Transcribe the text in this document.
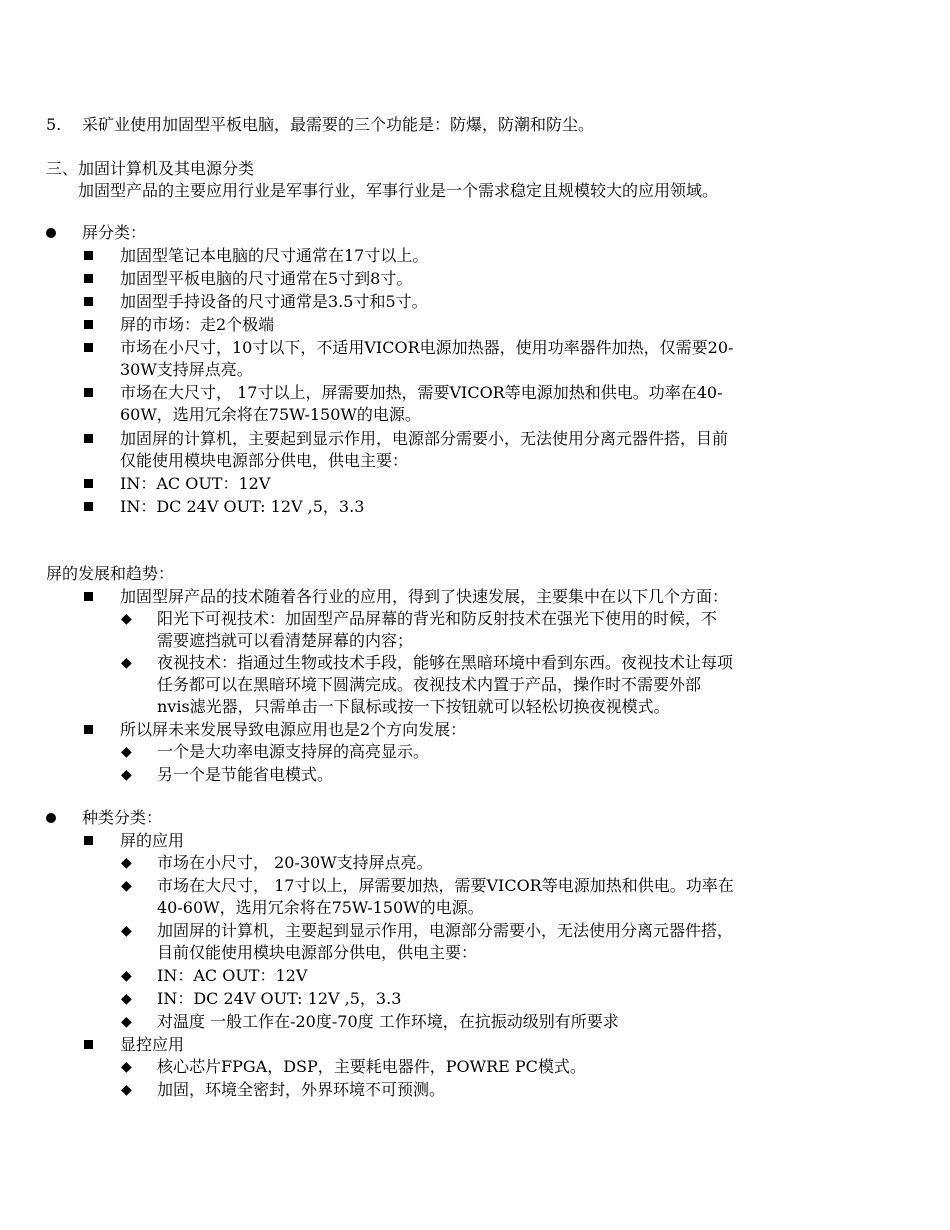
5. 采矿业使用加固型平板电脑，最需要的三个功能是：防爆，防潮和防尘。
三、加固计算机及其电源分类
加固型产品的主要应用行业是军事行业，军事行业是一个需求稳定且规模较大的应用领域。
屏分类：
加固型笔记本电脑的尺寸通常在17寸以上。
加固型平板电脑的尺寸通常在5寸到8寸。
加固型手持设备的尺寸通常是3.5寸和5寸。
屏的市场：走2个极端
市场在小尺寸，10寸以下，不适用VICOR电源加热器，使用功率器件加热，仅需要20-
30W支持屏点亮。
市场在大尺寸， 17寸以上，屏需要加热，需要VICOR等电源加热和供电。功率在40-
60W，选用冗余将在75W-150W的电源。
加固屏的计算机，主要起到显示作用，电源部分需要小，无法使用分离元器件搭，目前
仅能使用模块电源部分供电，供电主要：
IN：AC OUT：12V
IN：DC 24V OUT: 12V ,5，3.3
屏的发展和趋势：
加固型屏产品的技术随着各行业的应用，得到了快速发展，主要集中在以下几个方面：
◆ 阳光下可视技术：加固型产品屏幕的背光和防反射技术在强光下使用的时候，不
需要遮挡就可以看清楚屏幕的内容；
◆ 夜视技术：指通过生物或技术手段，能够在黑暗环境中看到东西。夜视技术让每项
任务都可以在黑暗环境下圆满完成。夜视技术内置于产品，操作时不需要外部
nvis滤光器，只需单击一下鼠标或按一下按钮就可以轻松切换夜视模式。
所以屏未来发展导致电源应用也是2个方向发展：
◆ 一个是大功率电源支持屏的高亮显示。
◆ 另一个是节能省电模式。
种类分类：
屏的应用
◆ 市场在小尺寸， 20-30W支持屏点亮。
◆ 市场在大尺寸， 17寸以上，屏需要加热，需要VICOR等电源加热和供电。功率在
40-60W，选用冗余将在75W-150W的电源。
◆ 加固屏的计算机，主要起到显示作用，电源部分需要小，无法使用分离元器件搭，
目前仅能使用模块电源部分供电，供电主要：
◆ IN：AC OUT：12V
◆ IN：DC 24V OUT: 12V ,5，3.3
◆ 对温度 一般工作在-20度-70度 工作环境，在抗振动级别有所要求
显控应用
◆ 核心芯片FPGA，DSP，主要耗电器件，POWRE PC模式。
◆ 加固，环境全密封，外界环境不可预测。
